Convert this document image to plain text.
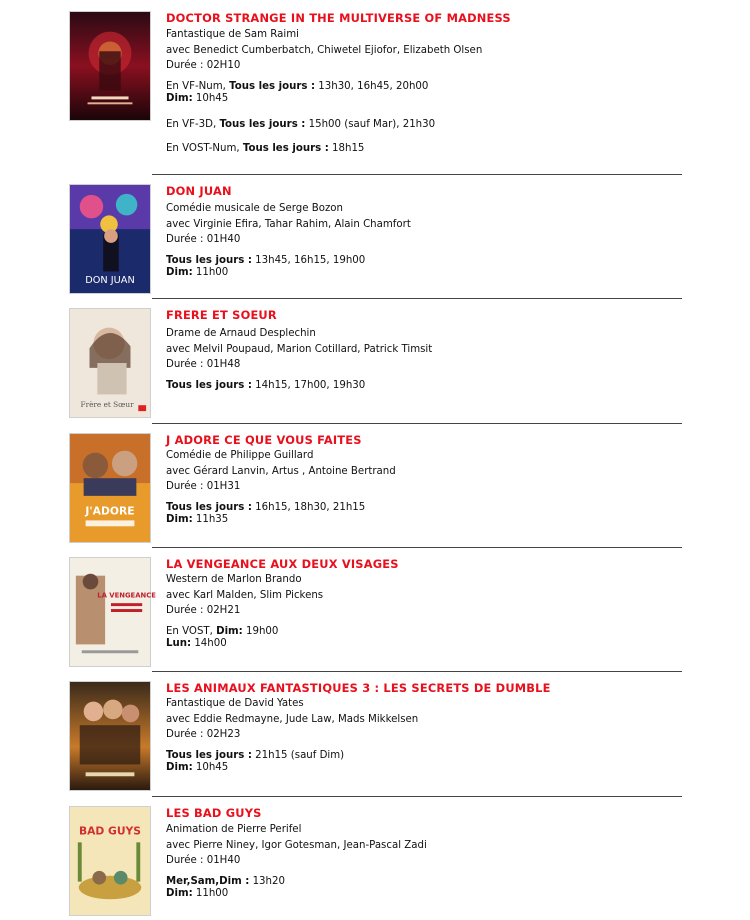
DOCTOR STRANGE IN THE MULTIVERSE OF MADNESS
Fantastique de Sam Raimi
avec Benedict Cumberbatch, Chiwetel Ejiofor, Elizabeth Olsen
Durée : 02H10
En VF-Num, Tous les jours : 13h30, 16h45, 20h00
Dim: 10h45
En VF-3D, Tous les jours : 15h00 (sauf Mar), 21h30
En VOST-Num, Tous les jours : 18h15
DON JUAN
DON JUAN
Comédie musicale de Serge Bozon
avec Virginie Efira, Tahar Rahim, Alain Chamfort
Durée : 01H40
Tous les jours : 13h45, 16h15, 19h00
Dim: 11h00
Frère et Sœur
FRERE ET SOEUR
Drame de Arnaud Desplechin
avec Melvil Poupaud, Marion Cotillard, Patrick Timsit
Durée : 01H48
Tous les jours : 14h15, 17h00, 19h30
J'ADORE
J ADORE CE QUE VOUS FAITES
Comédie de Philippe Guillard
avec Gérard Lanvin, Artus , Antoine Bertrand
Durée : 01H31
Tous les jours : 16h15, 18h30, 21h15
Dim: 11h35
LA VENGEANCE
LA VENGEANCE AUX DEUX VISAGES
Western de Marlon Brando
avec Karl Malden, Slim Pickens
Durée : 02H21
En VOST, Dim: 19h00
Lun: 14h00
LES ANIMAUX FANTASTIQUES 3 : LES SECRETS DE DUMBLE
Fantastique de David Yates
avec Eddie Redmayne, Jude Law, Mads Mikkelsen
Durée : 02H23
Tous les jours : 21h15 (sauf Dim)
Dim: 10h45
BAD GUYS
LES BAD GUYS
Animation de Pierre Perifel
avec Pierre Niney, Igor Gotesman, Jean-Pascal Zadi
Durée : 01H40
Mer,Sam,Dim : 13h20
Dim: 11h00
